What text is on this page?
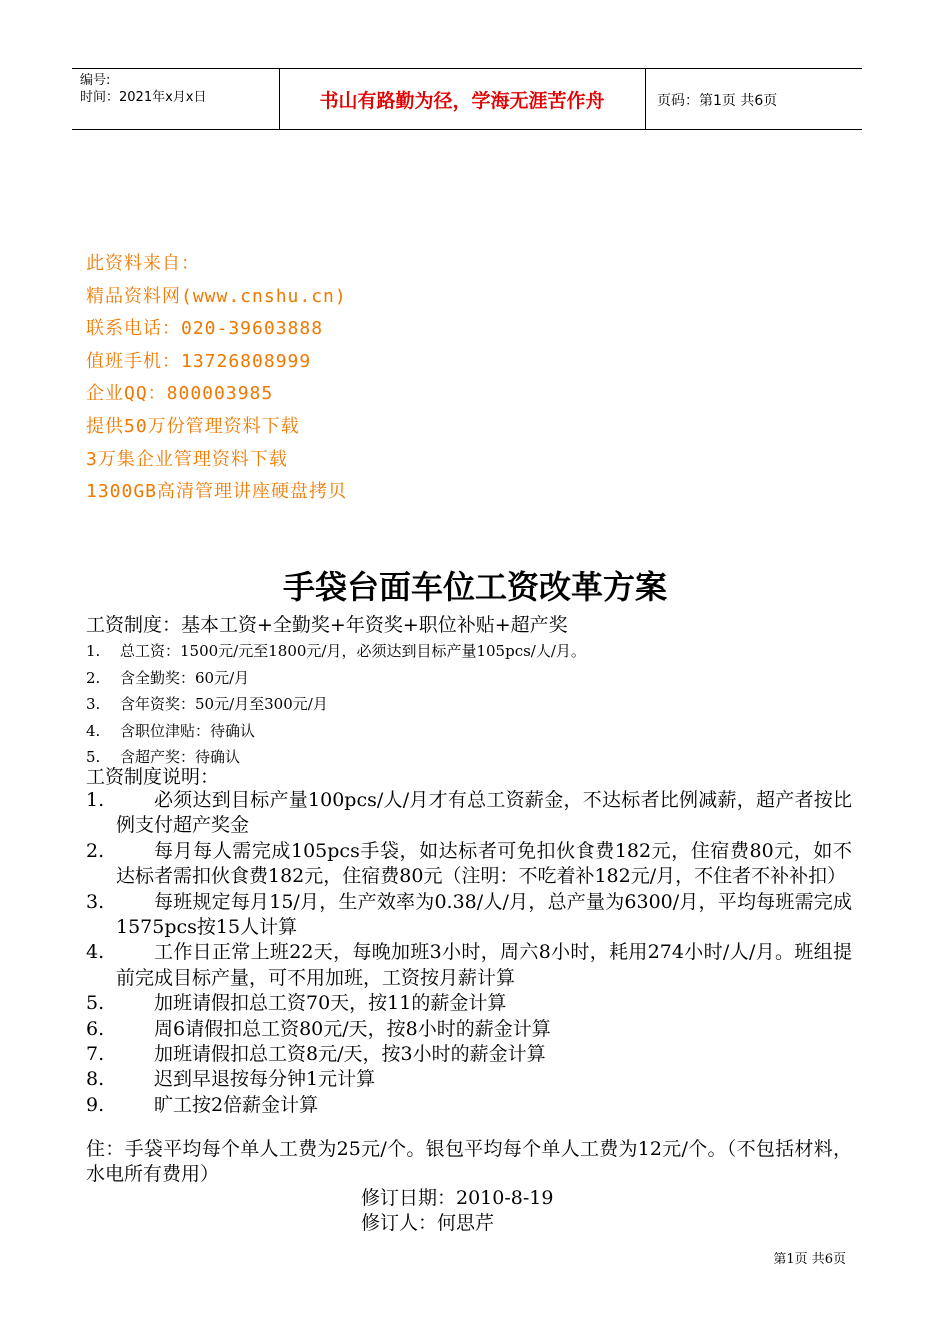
编号:
时间：2021年x月x日	书山有路勤为径，学海无涯苦作舟	页码：第1页 共6页
此资料来自：
精品资料网(www.cnshu.cn)
联系电话：020-39603888
值班手机：13726808999
企业QQ：800003985
提供50万份管理资料下载
3万集企业管理资料下载
1300GB高清管理讲座硬盘拷贝
手袋台面车位工资改革方案
工资制度：基本工资+全勤奖+年资奖+职位补贴+超产奖
1. 总工资：1500元/元至1800元/月，必须达到目标产量105pcs/人/月。
2. 含全勤奖：60元/月
3. 含年资奖：50元/月至300元/月
4. 含职位津贴：待确认
5. 含超产奖：待确认
工资制度说明：
1.	必须达到目标产量100pcs/人/月才有总工资薪金，不达标者比例减薪，超产者按比例支付超产奖金
2.	每月每人需完成105pcs手袋，如达标者可免扣伙食费182元，住宿费80元，如不达标者需扣伙食费182元，住宿费80元（注明：不吃着补182元/月，不住者不补补扣）
3.	每班规定每月15/月，生产效率为0.38/人/月，总产量为6300/月，平均每班需完成1575pcs按15人计算
4.	工作日正常上班22天，每晚加班3小时，周六8小时，耗用274小时/人/月。班组提前完成目标产量，可不用加班，工资按月薪计算
5.	加班请假扣总工资70天，按11的薪金计算
6.	周6请假扣总工资80元/天，按8小时的薪金计算
7.	加班请假扣总工资8元/天，按3小时的薪金计算
8.	迟到早退按每分钟1元计算
9.	旷工按2倍薪金计算
住：手袋平均每个单人工费为25元/个。银包平均每个单人工费为12元/个。（不包括材料，水电所有费用）
修订日期：2010-8-19
修订人：何思芹
第1页 共6页
